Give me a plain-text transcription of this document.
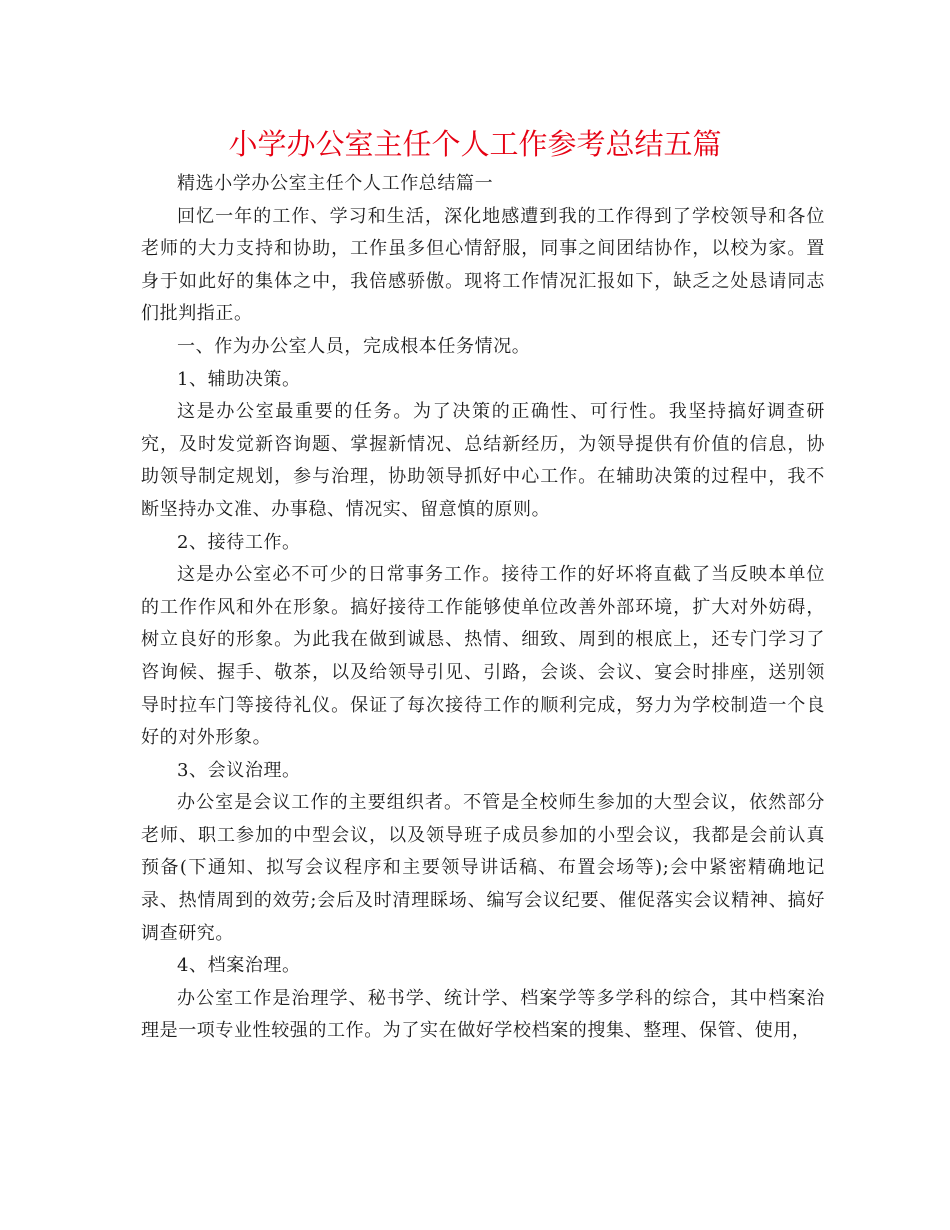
小学办公室主任个人工作参考总结五篇

精选小学办公室主任个人工作总结篇一

回忆一年的工作、学习和生活，深化地感遭到我的工作得到了学校领导和各位老师的大力支持和协助，工作虽多但心情舒服，同事之间团结协作，以校为家。置身于如此好的集体之中，我倍感骄傲。现将工作情况汇报如下，缺乏之处恳请同志们批判指正。

一、作为办公室人员，完成根本任务情况。

1、辅助决策。

这是办公室最重要的任务。为了决策的正确性、可行性。我坚持搞好调查研究，及时发觉新咨询题、掌握新情况、总结新经历，为领导提供有价值的信息，协助领导制定规划，参与治理，协助领导抓好中心工作。在辅助决策的过程中，我不断坚持办文准、办事稳、情况实、留意慎的原则。

2、接待工作。

这是办公室必不可少的日常事务工作。接待工作的好坏将直截了当反映本单位的工作作风和外在形象。搞好接待工作能够使单位改善外部环境，扩大对外妨碍，树立良好的形象。为此我在做到诚恳、热情、细致、周到的根底上，还专门学习了咨询候、握手、敬茶，以及给领导引见、引路，会谈、会议、宴会时排座，送别领导时拉车门等接待礼仪。保证了每次接待工作的顺利完成，努力为学校制造一个良好的对外形象。

3、会议治理。

办公室是会议工作的主要组织者。不管是全校师生参加的大型会议，依然部分老师、职工参加的中型会议，以及领导班子成员参加的小型会议，我都是会前认真预备(下通知、拟写会议程序和主要领导讲话稿、布置会场等);会中紧密精确地记录、热情周到的效劳;会后及时清理睬场、编写会议纪要、催促落实会议精神、搞好调查研究。

4、档案治理。

办公室工作是治理学、秘书学、统计学、档案学等多学科的综合，其中档案治理是一项专业性较强的工作。为了实在做好学校档案的搜集、整理、保管、使用，
